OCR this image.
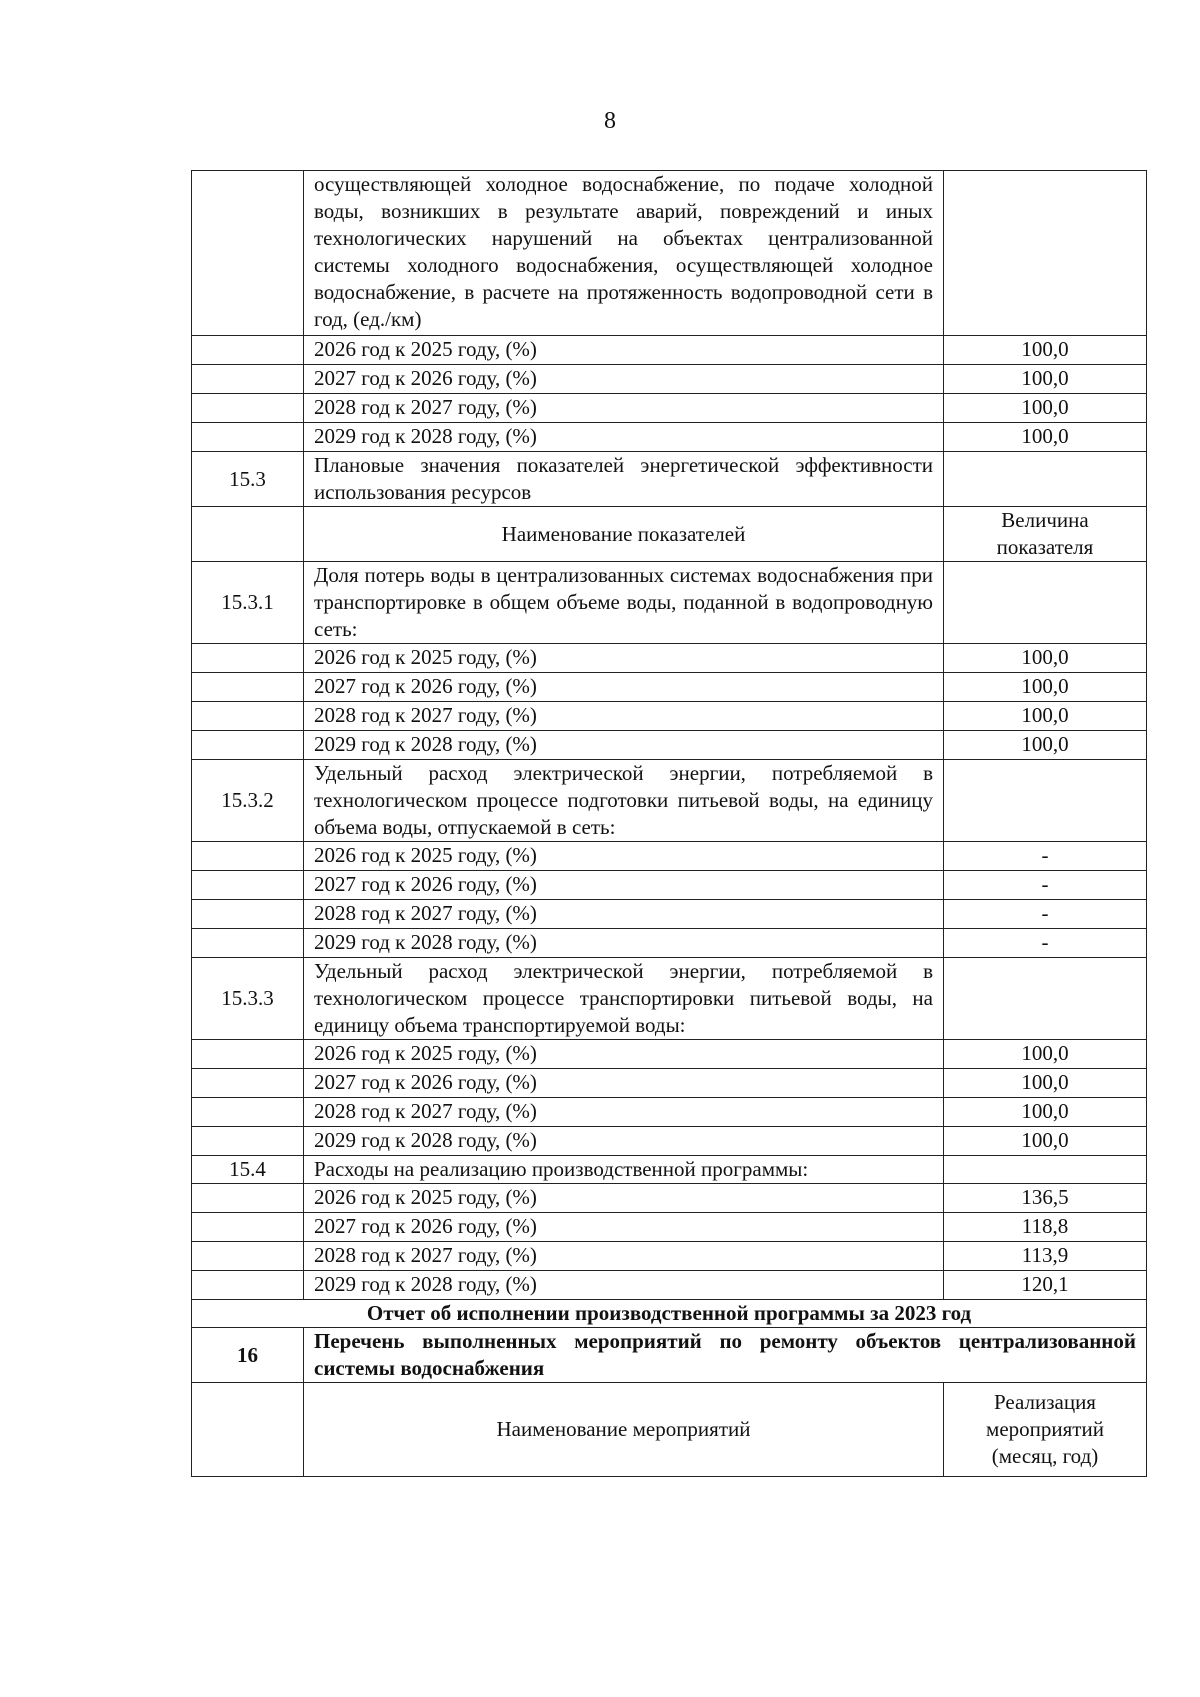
8
	осуществляющей холодное водоснабжение, по подаче холодной воды, возникших в результате аварий, повреждений и иных технологических нарушений на объектах централизованной системы холодного водоснабжения, осуществляющей холодное водоснабжение, в расчете на протяженность водопроводной сети в год, (ед./км)	
	2026 год к 2025 году, (%)	100,0
	2027 год к 2026 году, (%)	100,0
	2028 год к 2027 году, (%)	100,0
	2029 год к 2028 году, (%)	100,0
15.3	Плановые значения показателей энергетической эффективности использования ресурсов	
	Наименование показателей	Величина показателя
15.3.1	Доля потерь воды в централизованных системах водоснабжения при транспортировке в общем объеме воды, поданной в водопроводную сеть:	
	2026 год к 2025 году, (%)	100,0
	2027 год к 2026 году, (%)	100,0
	2028 год к 2027 году, (%)	100,0
	2029 год к 2028 году, (%)	100,0
15.3.2	Удельный расход электрической энергии, потребляемой в технологическом процессе подготовки питьевой воды, на единицу объема воды, отпускаемой в сеть:	
	2026 год к 2025 году, (%)	-
	2027 год к 2026 году, (%)	-
	2028 год к 2027 году, (%)	-
	2029 год к 2028 году, (%)	-
15.3.3	Удельный расход электрической энергии, потребляемой в технологическом процессе транспортировки питьевой воды, на единицу объема транспортируемой воды:	
	2026 год к 2025 году, (%)	100,0
	2027 год к 2026 году, (%)	100,0
	2028 год к 2027 году, (%)	100,0
	2029 год к 2028 году, (%)	100,0
15.4	Расходы на реализацию производственной программы:	
	2026 год к 2025 году, (%)	136,5
	2027 год к 2026 году, (%)	118,8
	2028 год к 2027 году, (%)	113,9
	2029 год к 2028 году, (%)	120,1
Отчет об исполнении производственной программы за 2023 год		
16	Перечень выполненных мероприятий по ремонту объектов централизованной системы водоснабжения	
	Наименование мероприятий	Реализация мероприятий (месяц, год)
